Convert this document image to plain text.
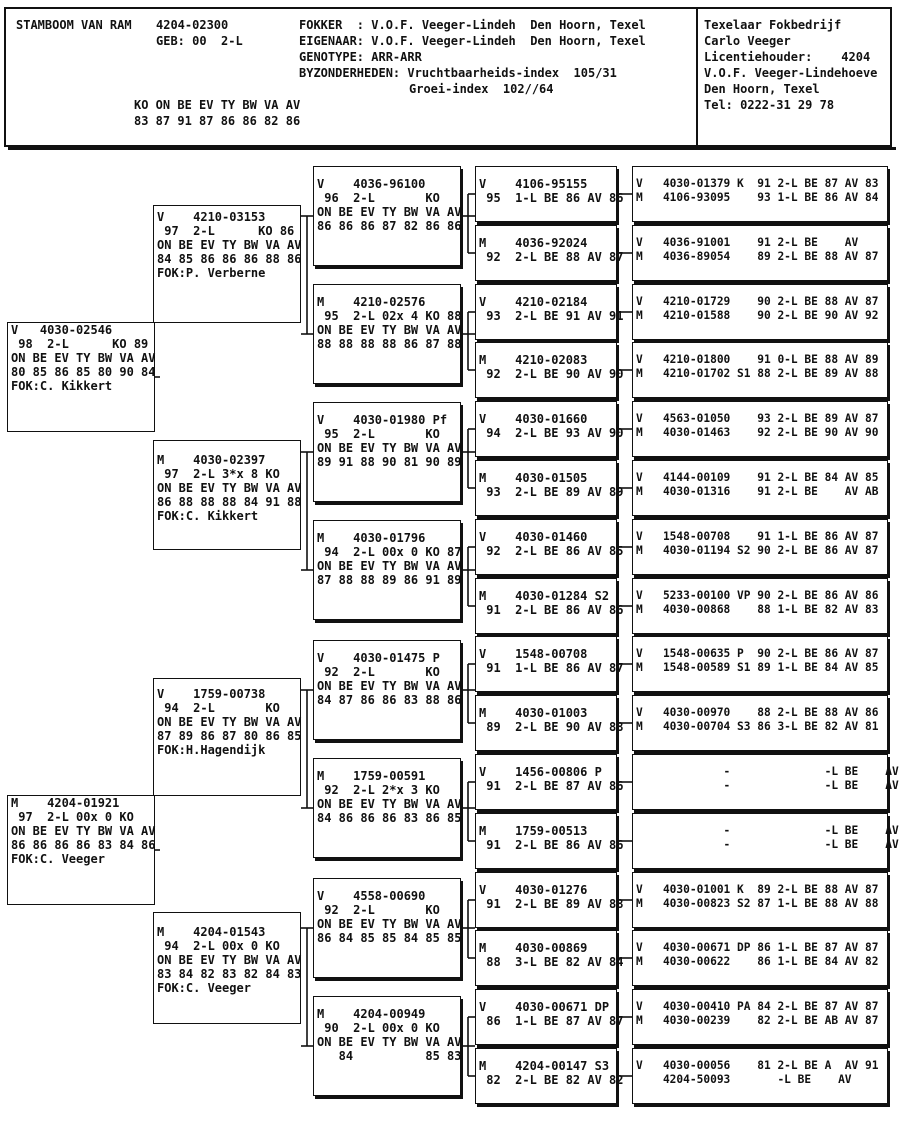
STAMBOOM VAN RAM 4204-02300
GEB: 00  2-L
FOKKER  : V.O.F. Veeger-Lindeh  Den Hoorn, Texel
EIGENAAR: V.O.F. Veeger-Lindeh  Den Hoorn, Texel
GENOTYPE: ARR-ARR
BYZONDERHEDEN: Vruchtbaarheids-index  105/31
Groei-index  102//64
KO ON BE EV TY BW VA AV
83 87 91 87 86 86 82 86
Texelaar Fokbedrijf
Carlo Veeger
Licentiehouder:    4204
V.O.F. Veeger-Lindehoeve
Den Hoorn, Texel
Tel: 0222-31 29 78
V   4030-02546
98  2-L      KO 89
ON BE EV TY BW VA AV
80 85 86 85 80 90 84
FOK:C. Kikkert
M    4204-01921
97  2-L 00x 0 KO
ON BE EV TY BW VA AV
86 86 86 86 83 84 86
FOK:C. Veeger
V    4210-03153
97  2-L      KO 86
ON BE EV TY BW VA AV
84 85 86 86 86 88 86
FOK:P. Verberne
M    4030-02397
97  2-L 3*x 8 KO
ON BE EV TY BW VA AV
86 88 88 88 84 91 88
FOK:C. Kikkert
V    1759-00738
94  2-L       KO
ON BE EV TY BW VA AV
87 89 86 87 80 86 85
FOK:H.Hagendijk
M    4204-01543
94  2-L 00x 0 KO
ON BE EV TY BW VA AV
83 84 82 83 82 84 83
FOK:C. Veeger
V    4036-96100
96  2-L       KO
ON BE EV TY BW VA AV
86 86 86 87 82 86 86
M    4210-02576
95  2-L 02x 4 KO 88
ON BE EV TY BW VA AV
88 88 88 88 86 87 88
V    4030-01980 Pf
95  2-L       KO
ON BE EV TY BW VA AV
89 91 88 90 81 90 89
M    4030-01796
94  2-L 00x 0 KO 87
ON BE EV TY BW VA AV
87 88 88 89 86 91 89
V    4030-01475 P
92  2-L       KO
ON BE EV TY BW VA AV
84 87 86 86 83 88 86
M    1759-00591
92  2-L 2*x 3 KO
ON BE EV TY BW VA AV
84 86 86 86 83 86 85
V    4558-00690
92  2-L       KO
ON BE EV TY BW VA AV
86 84 85 85 84 85 85
M    4204-00949
90  2-L 00x 0 KO
ON BE EV TY BW VA AV
84          85 83
V    4106-95155
95  1-L BE 86 AV 86
M    4036-92024
92  2-L BE 88 AV 87
V    4210-02184
93  2-L BE 91 AV 91
M    4210-02083
92  2-L BE 90 AV 90
V    4030-01660
94  2-L BE 93 AV 90
M    4030-01505
93  2-L BE 89 AV 89
V    4030-01460
92  2-L BE 86 AV 85
M    4030-01284 S2
91  2-L BE 86 AV 86
V    1548-00708
91  1-L BE 86 AV 87
M    4030-01003
89  2-L BE 90 AV 88
V    1456-00806 P
91  2-L BE 87 AV 86
M    1759-00513
91  2-L BE 86 AV 86
V    4030-01276
91  2-L BE 89 AV 88
M    4030-00869
88  3-L BE 82 AV 84
V    4030-00671 DP
86  1-L BE 87 AV 87
M    4204-00147 S3
82  2-L BE 82 AV 82
V   4030-01379 K  91 2-L BE 87 AV 83
M   4106-93095    93 1-L BE 86 AV 84
V   4036-91001    91 2-L BE    AV
M   4036-89054    89 2-L BE 88 AV 87
V   4210-01729    90 2-L BE 88 AV 87
M   4210-01588    90 2-L BE 90 AV 92
V   4210-01800    91 0-L BE 88 AV 89
M   4210-01702 S1 88 2-L BE 89 AV 88
V   4563-01050    93 2-L BE 89 AV 87
M   4030-01463    92 2-L BE 90 AV 90
V   4144-00109    91 2-L BE 84 AV 85
M   4030-01316    91 2-L BE    AV AB
V   1548-00708    91 1-L BE 86 AV 87
M   4030-01194 S2 90 2-L BE 86 AV 87
V   5233-00100 VP 90 2-L BE 86 AV 86
M   4030-00868    88 1-L BE 82 AV 83
V   1548-00635 P  90 2-L BE 86 AV 87
M   1548-00589 S1 89 1-L BE 84 AV 85
V   4030-00970    88 2-L BE 88 AV 86
M   4030-00704 S3 86 3-L BE 82 AV 81
-              -L BE    AV
-              -L BE    AV
-              -L BE    AV
-              -L BE    AV
V   4030-01001 K  89 2-L BE 88 AV 87
M   4030-00823 S2 87 1-L BE 88 AV 88
V   4030-00671 DP 86 1-L BE 87 AV 87
M   4030-00622    86 1-L BE 84 AV 82
V   4030-00410 PA 84 2-L BE 87 AV 87
M   4030-00239    82 2-L BE AB AV 87
V   4030-00056    81 2-L BE A  AV 91
4204-50093       -L BE    AV
